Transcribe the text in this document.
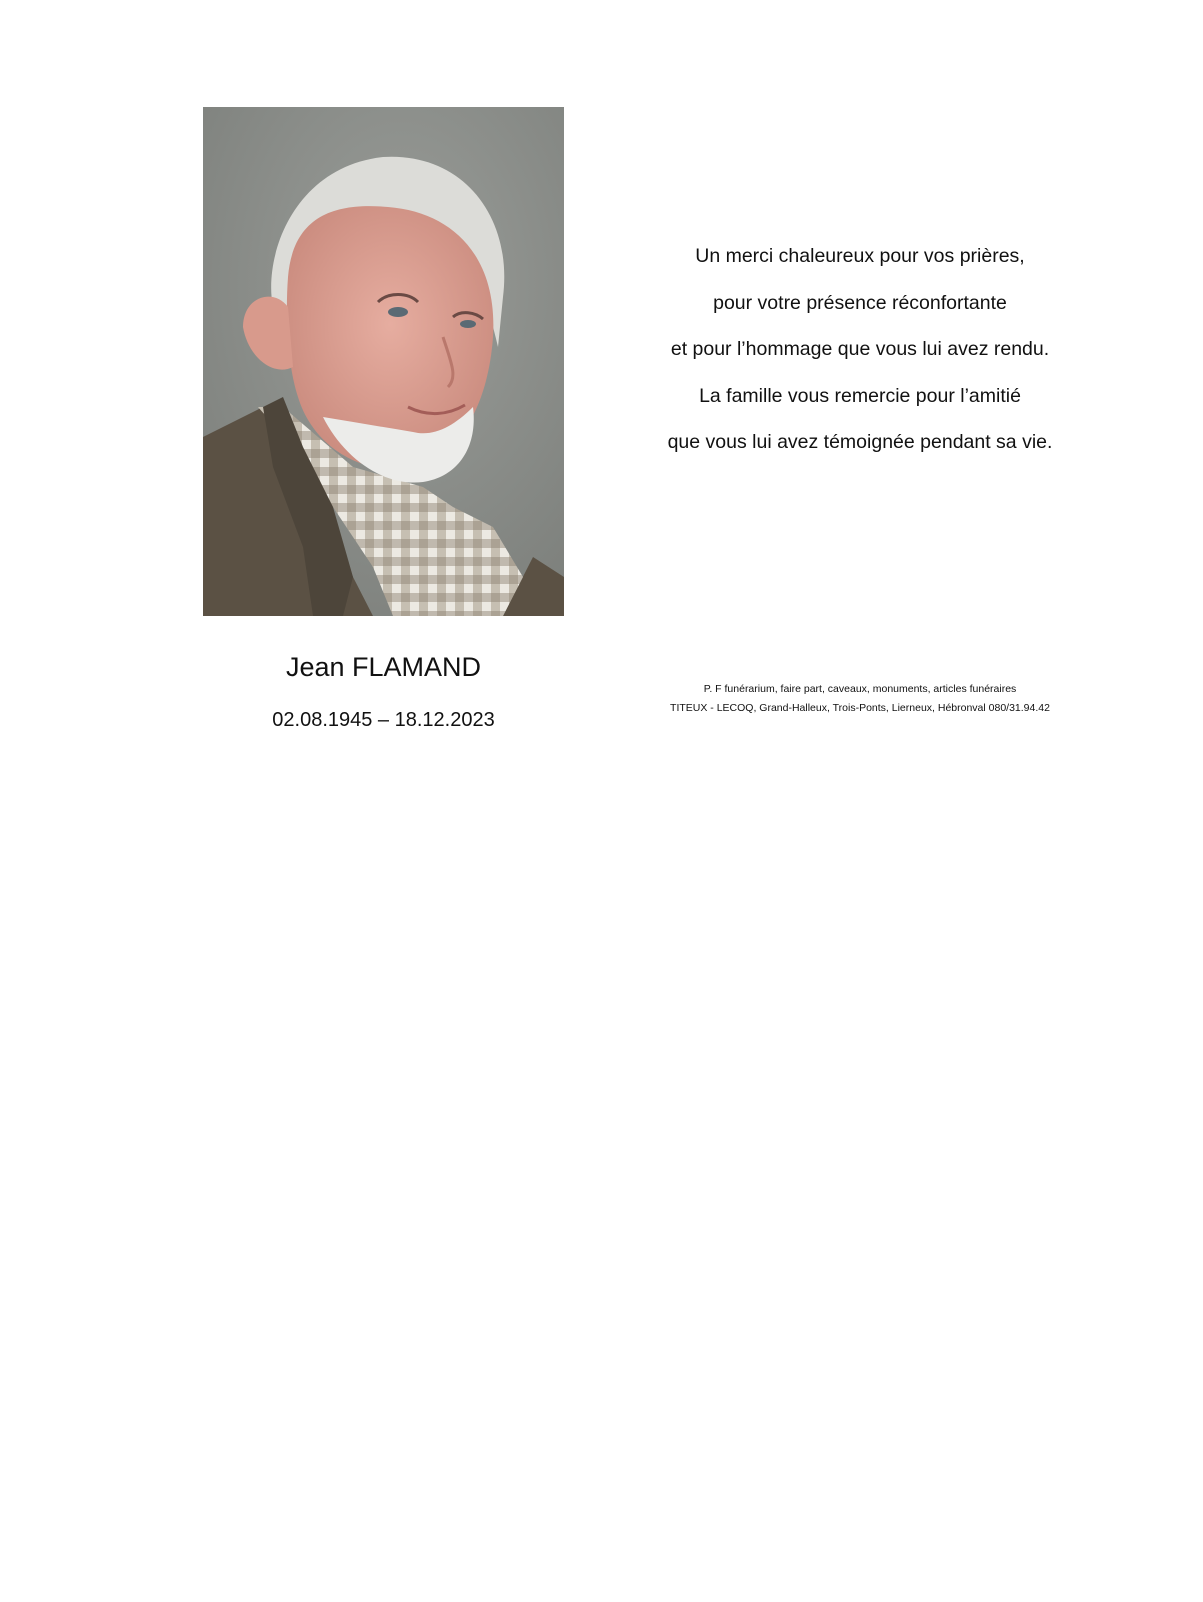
Jean FLAMAND

02.08.1945 – 18.12.2023

Un merci chaleureux pour vos prières,
pour votre présence réconfortante
et pour l’hommage que vous lui avez rendu.
La famille vous remercie pour l’amitié
que vous lui avez témoignée pendant sa vie.
P. F funérarium, faire part, caveaux, monuments, articles funéraires
TITEUX - LECOQ, Grand-Halleux, Trois-Ponts, Lierneux, Hébronval 080/31.94.42
